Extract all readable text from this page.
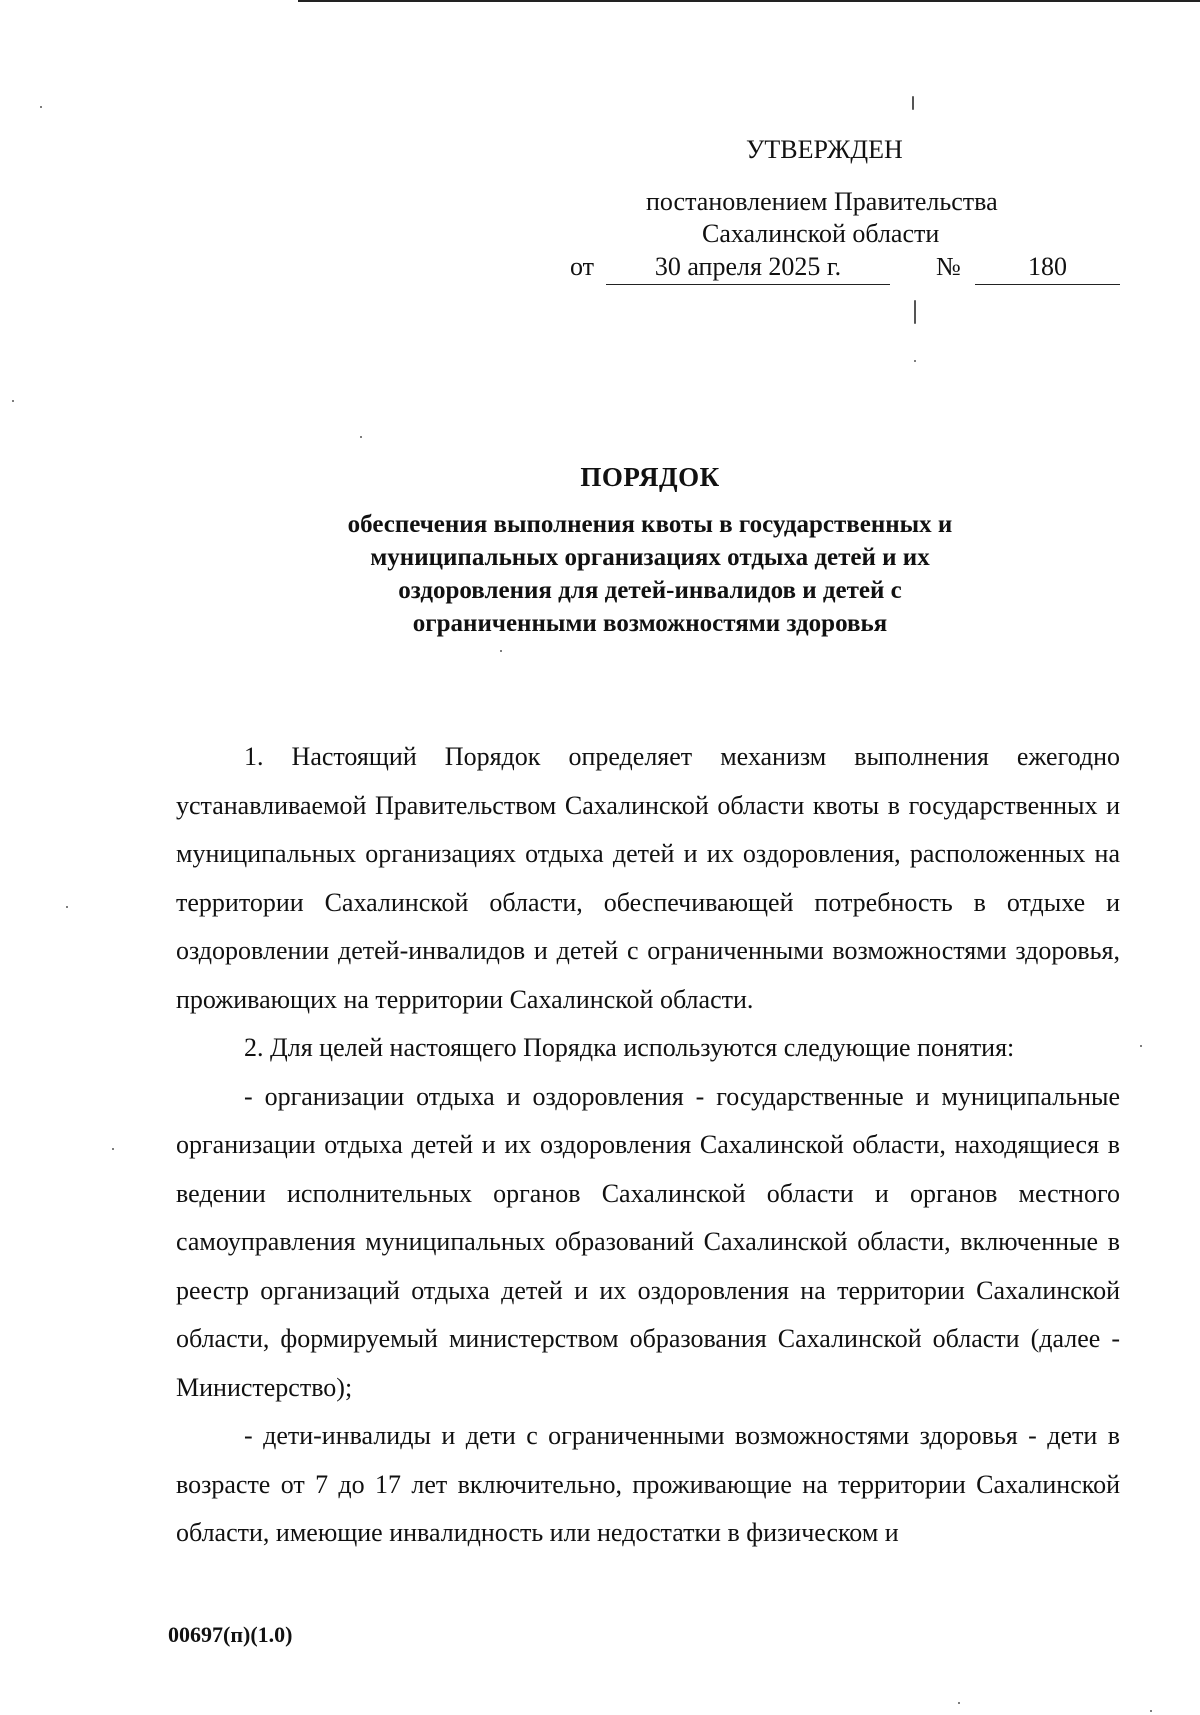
УТВЕРЖДЕН
постановлением Правительства
Сахалинской области
от	30 апреля 2025 г.	№	180
ПОРЯДОК
обеспечения выполнения квоты в государственных и
муниципальных организациях отдыха детей и их
оздоровления для детей-инвалидов и детей с
ограниченными возможностями здоровья

1. Настоящий Порядок определяет механизм выполнения ежегодно устанавливаемой Правительством Сахалинской области квоты в государственных и муниципальных организациях отдыха детей и их оздоровления, расположенных на территории Сахалинской области, обеспечивающей потребность в отдыхе и оздоровлении детей-инвалидов и детей с ограниченными возможностями здоровья, проживающих на территории Сахалинской области.

2. Для целей настоящего Порядка используются следующие понятия:

- организации отдыха и оздоровления - государственные и муниципальные организации отдыха детей и их оздоровления Сахалинской области, находящиеся в ведении исполнительных органов Сахалинской области и органов местного самоуправления муниципальных образований Сахалинской области, включенные в реестр организаций отдыха детей и их оздоровления на территории Сахалинской области, формируемый министерством образования Сахалинской области (далее - Министерство);

- дети-инвалиды и дети с ограниченными возможностями здоровья - дети в возрасте от 7 до 17 лет включительно, проживающие на территории Сахалинской области, имеющие инвалидность или недостатки в физическом и

00697(п)(1.0)
